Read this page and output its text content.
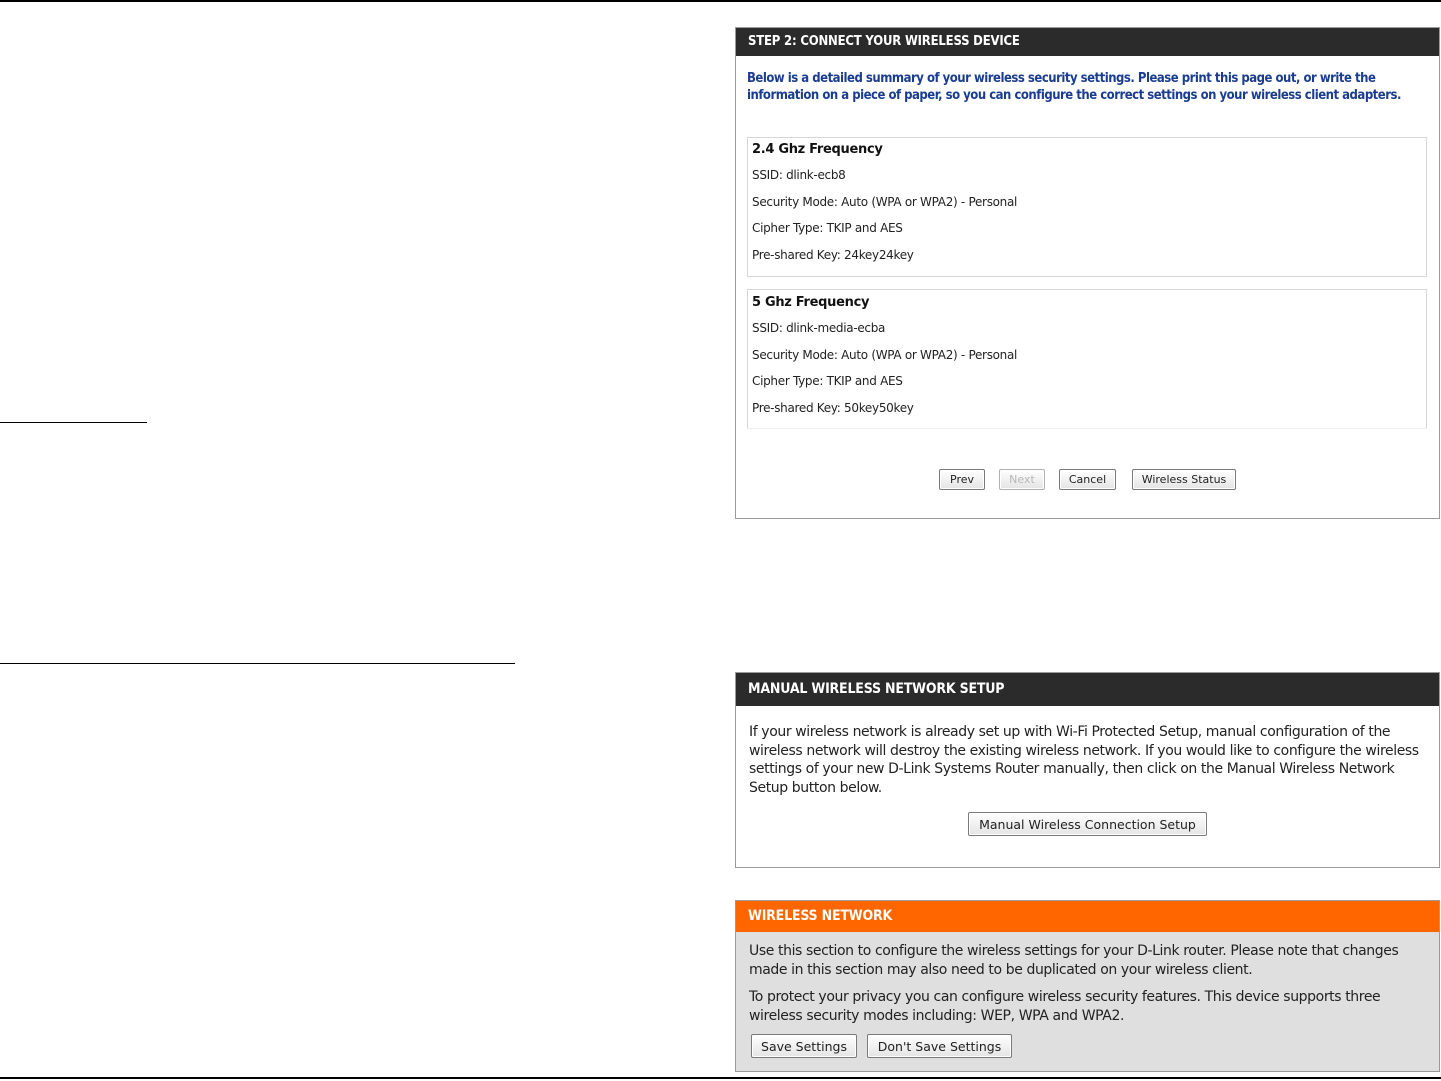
STEP 2: CONNECT YOUR WIRELESS DEVICE
Below is a detailed summary of your wireless security settings. Please print this page out, or write the information on a piece of paper, so you can configure the correct settings on your wireless client adapters.
2.4 Ghz Frequency
SSID: dlink-ecb8
Security Mode: Auto (WPA or WPA2) - Personal
Cipher Type: TKIP and AES
Pre-shared Key: 24key24key
5 Ghz Frequency
SSID: dlink-media-ecba
Security Mode: Auto (WPA or WPA2) - Personal
Cipher Type: TKIP and AES
Pre-shared Key: 50key50key
Prev	Next	Cancel	Wireless Status
MANUAL WIRELESS NETWORK SETUP
If your wireless network is already set up with Wi-Fi Protected Setup, manual configuration of the wireless network will destroy the existing wireless network. If you would like to configure the wireless settings of your new D-Link Systems Router manually, then click on the Manual Wireless Network Setup button below.
Manual Wireless Connection Setup
WIRELESS NETWORK
Use this section to configure the wireless settings for your D-Link router. Please note that changes made in this section may also need to be duplicated on your wireless client.
To protect your privacy you can configure wireless security features. This device supports three wireless security modes including: WEP, WPA and WPA2.
Save Settings	Don't Save Settings
